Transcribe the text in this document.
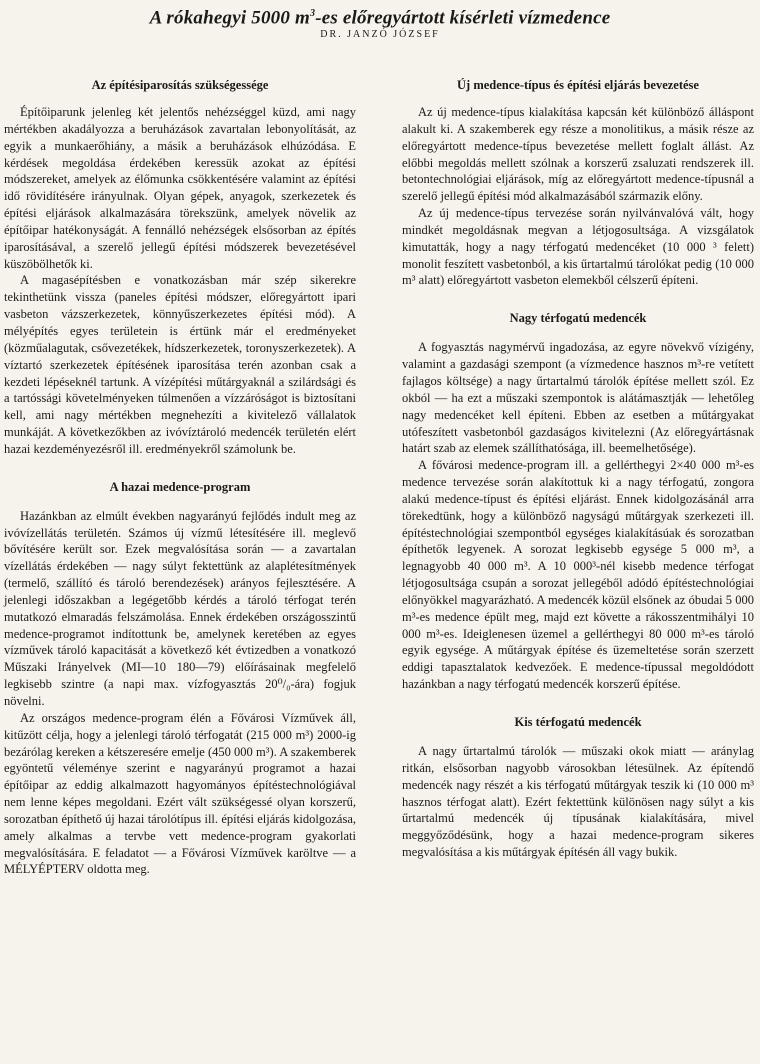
A rókahegyi 5000 $m^3-es$ előregyártott kísérleti vízmedence
DR. JANZÓ JÓZSEF
Az építésiparosítás szükségessége

Építőiparunk jelenleg két jelentős nehézséggel küzd, ami nagy mértékben akadályozza a beruházások zavartalan lebonyolítását, az egyik a munkaerőhiány, a másik a beruházások elhúzódása. E kérdések megoldása érdekében keressük azokat az építési módszereket, amelyek az élőmunka csökkentésére valamint az építési idő rövidítésére irányulnak. Olyan gépek, anyagok, szerkezetek és építési eljárások alkalmazására törekszünk, amelyek növelik az építőipar hatékonyságát. A fennálló nehézségek elsősorban az építés iparosításával, a szerelő jellegű építési módszerek bevezetésével küszöbölhetők ki.

A magasépítésben e vonatkozásban már szép sikerekre tekinthetünk vissza (paneles építési módszer, előregyártott ipari vasbeton vázszerkezetek, könnyűszerkezetes építési mód). A mélyépítés egyes területein is értünk már el eredményeket (közműalagutak, csővezetékek, hídszerkezetek, toronyszerkezetek). A víztartó szerkezetek építésének iparosítása terén azonban csak a kezdeti lépéseknél tartunk. A vízépítési műtárgyaknál a szilárdsági és a tartóssági követelményeken túlmenően a vízzáróságot is biztosítani kell, ami nagy mértékben megnehezíti a kivitelező vállalatok munkáját. A következőkben az ivóvíztároló medencék területén elért hazai kezdeményezésről ill. eredményekről számolunk be.

A hazai medence-program

Hazánkban az elmúlt években nagyarányú fejlődés indult meg az ivóvízellátás területén. Számos új vízmű létesítésére ill. meglevő bővítésére került sor. Ezek megvalósítása során — a zavartalan vízellátás érdekében — nagy súlyt fektettünk az alaplétesítmények (termelő, szállító és tároló berendezések) arányos fejlesztésére. A jelenlegi időszakban a legégetőbb kérdés a tároló térfogat terén mutatkozó elmaradás felszámolása. Ennek érdekében országosszintű medence-programot indítottunk be, amelynek keretében az egyes vízművek tároló kapacitását a következő két évtizedben a vonatkozó Műszaki Irányelvek (MI—10 180—79) előírásainak megfelelő legkisebb szintre (a napi max. vízfogyasztás 20⁰/₀-ára) fogjuk növelni.

Az országos medence-program élén a Fővárosi Vízművek áll, kitűzött célja, hogy a jelenlegi tároló térfogatát (215 000 m³) 2000-ig bezárólag kereken a kétszeresére emelje (450 000 m³). A szakemberek egyöntetű véleménye szerint e nagyarányú programot a hazai építőipar az eddig alkalmazott hagyományos építéstechnológiával nem lenne képes megoldani. Ezért vált szükségessé olyan korszerű, sorozatban építhető új hazai tárolótípus ill. építési eljárás kidolgozása, amely alkalmas a tervbe vett medence-program gyakorlati megvalósítására. E feladatot — a Fővárosi Vízművek karöltve — a MÉLYÉPTERV oldotta meg.

Új medence-típus és építési eljárás bevezetése

Az új medence-típus kialakítása kapcsán két különböző álláspont alakult ki. A szakemberek egy része a monolitikus, a másik része az előregyártott medence-típus bevezetése mellett foglalt állást. Az előbbi megoldás mellett szólnak a korszerű zsaluzati rendszerek ill. betontechnológiai eljárások, míg az előregyártott medence-típusnál a szerelő jellegű építési mód alkalmazásából származik előny.

Az új medence-típus tervezése során nyilvánvalóvá vált, hogy mindkét megoldásnak megvan a létjogosultsága. A vizsgálatok kimutatták, hogy a nagy térfogatú medencéket (10 000 ³ felett) monolit feszített vasbetonból, a kis űrtartalmú tárolókat pedig (10 000 m³ alatt) előregyártott vasbeton elemekből célszerű építeni.

Nagy térfogatú medencék

A fogyasztás nagymérvű ingadozása, az egyre növekvő vízigény, valamint a gazdasági szempont (a vízmedence hasznos m³-re vetített fajlagos költsége) a nagy űrtartalmú tárolók építése mellett szól. Ez okból — ha ezt a műszaki szempontok is alátámasztják — lehetőleg nagy medencéket kell építeni. Ebben az esetben a műtárgyakat utófeszített vasbetonból gazdaságos kivitelezni (Az előregyártásnak határt szab az elemek szállíthatósága, ill. beemelhetősége).

A fővárosi medence-program ill. a gellérthegyi 2×40 000 m³-es medence tervezése során alakítottuk ki a nagy térfogatú, zongora alakú medence-típust és építési eljárást. Ennek kidolgozásánál arra törekedtünk, hogy a különböző nagyságú műtárgyak szerkezeti ill. építéstechnológiai szempontból egységes kialakításúak és sorozatban építhetők legyenek. A sorozat legkisebb egysége 5 000 m³, a legnagyobb 40 000 m³. A 10 000³-nél kisebb medence térfogat létjogosultsága csupán a sorozat jellegéből adódó építéstechnológiai előnyökkel magyarázható. A medencék közül elsőnek az óbudai 5 000 m³-es medence épült meg, majd ezt követte a rákosszentmihályi 10 000 m³-es. Ideiglenesen üzemel a gellérthegyi 80 000 m³-es tároló egyik egysége. A műtárgyak építése és üzemeltetése során szerzett eddigi tapasztalatok kedvezőek. E medence-típussal megoldódott hazánkban a nagy térfogatú medencék korszerű építése.

Kis térfogatú medencék

A nagy űrtartalmú tárolók — műszaki okok miatt — aránylag ritkán, elsősorban nagyobb városokban létesülnek. Az építendő medencék nagy részét a kis térfogatú műtárgyak teszik ki (10 000 m³ hasznos térfogat alatt). Ezért fektettünk különösen nagy súlyt a kis űrtartalmú medencék új típusának kialakítására, mivel meggyőződésünk, hogy a hazai medence-program sikeres megvalósítása a kis műtárgyak építésén áll vagy bukik.
